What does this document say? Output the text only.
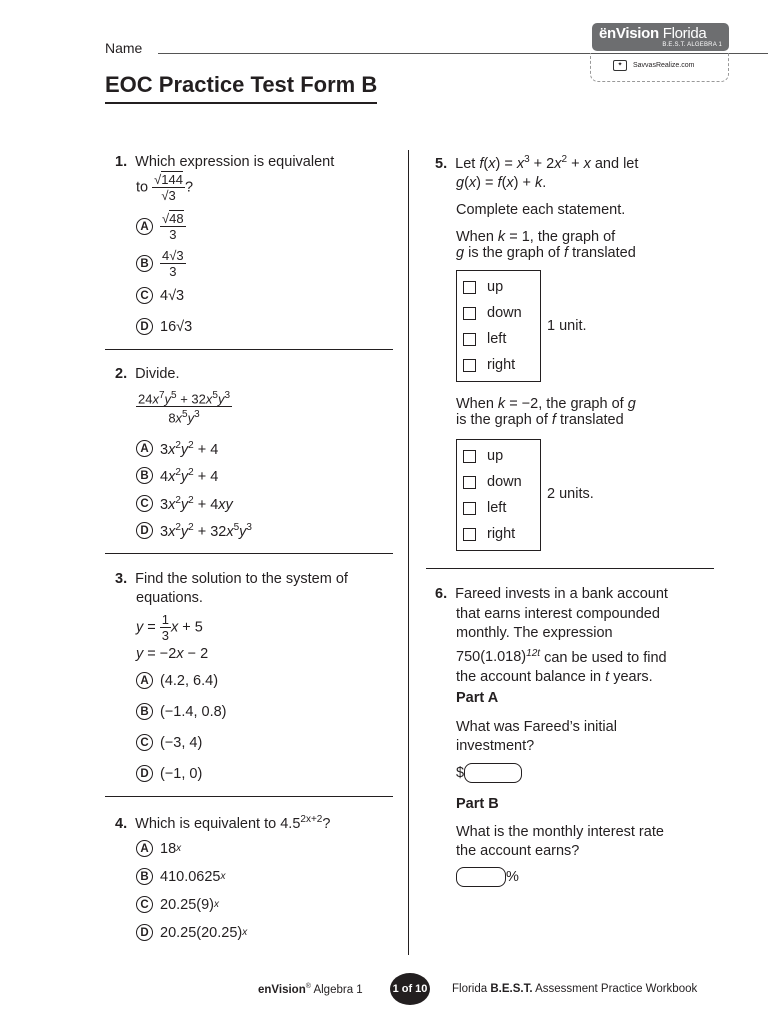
Name
EOC Practice Test Form B
ënVision Florida
B.E.S.T. ALGEBRA 1
✦	SavvasRealize.com
1. Which expression is equivalent
to $\frac{√144}{√3}$ ?
A $\frac{√48}{3}$
B $\frac{4√3}{3}$
C 4√3
D 16√3
2. Divide.
$\frac{24x^7y^5 + 32x^5y^3}{8x^5y^3}$
A $3x^2y^2 + 4$
B $4x^2y^2 + 4$
C $3x^2y^2 + 4xy$
D $3x^2y^2 + 32x^5y^3$
3. Find the solution to the system of
equations.
$y = \frac{1}{3}$ x + 5
y = −2x − 2
A (4.2, 6.4)
B (−1.4, 0.8)
C (−3, 4)
D (−1, 0)
4. Which is equivalent to $4.5^{2x+2}$?
A 18 x
B 410.0625 x
C 20.25(9) x
D 20.25(20.25) x
5.  Let $f(x) = x^3 + 2x^2 + x$ and let
g(x) = f(x) + k.
Complete each statement.
When k = 1, the graph of
g is the graph of f translated
up
down
left
right
1 unit.
When k = −2, the graph of g
is the graph of f translated
up
down
left
right
2 units.
6. Fareed invests in a bank account
that earns interest compounded
monthly. The expression
$750(1.018)^{12t}$ can be used to find
the account balance in t years.
Part A
What was Fareed’s initial
investment?
$
Part B
What is the monthly interest rate
the account earns?
%
enVision® Algebra 1	1 of 10 Florida B.E.S.T. Assessment Practice Workbook
